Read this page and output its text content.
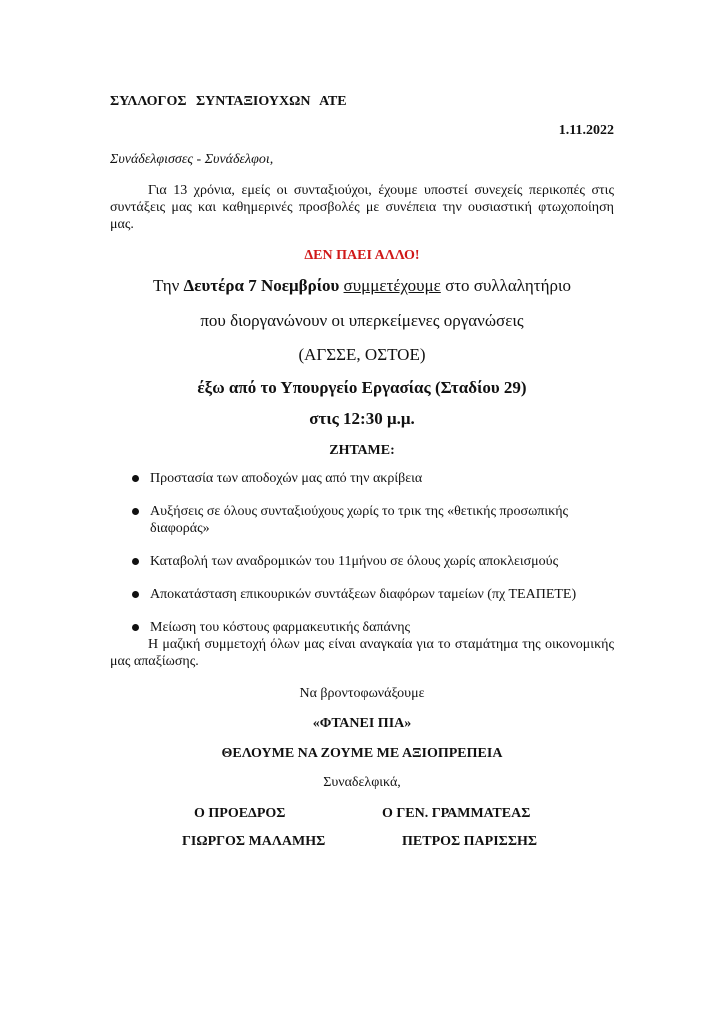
ΣΥΛΛΟΓΟΣ ΣΥΝΤΑΞΙΟΥΧΩΝ ΑΤΕ
1.11.2022
Συνάδελφισσες - Συνάδελφοι,
Για 13 χρόνια, εμείς οι συνταξιούχοι, έχουμε υποστεί συνεχείς περικοπές στις συντάξεις μας και καθημερινές προσβολές με συνέπεια την ουσιαστική φτωχοποίηση μας.
ΔΕΝ ΠΑΕΙ ΑΛΛΟ!
Την Δευτέρα 7 Νοεμβρίου συμμετέχουμε στο συλλαλητήριο
που διοργανώνουν οι υπερκείμενες οργανώσεις
(ΑΓΣΣΕ, ΟΣΤΟΕ)
έξω από το Υπουργείο Εργασίας (Σταδίου 29)
στις 12:30 μ.μ.
ΖΗΤΑΜΕ:
Προστασία των αποδοχών μας από την ακρίβεια
Αυξήσεις σε όλους συνταξιούχους χωρίς το τρικ της «θετικής προσωπικής διαφοράς»
Καταβολή των αναδρομικών του 11μήνου σε όλους χωρίς αποκλεισμούς
Αποκατάσταση επικουρικών συντάξεων διαφόρων ταμείων (πχ ΤΕΑΠΕΤΕ)
Μείωση του κόστους φαρμακευτικής δαπάνης
Η μαζική συμμετοχή όλων μας είναι αναγκαία για το σταμάτημα της οικονομικής μας απαξίωσης.
Να βροντοφωνάξουμε
«ΦΤΑΝΕΙ ΠΙΑ»
ΘΕΛΟΥΜΕ ΝΑ ΖΟΥΜΕ ΜΕ ΑΞΙΟΠΡΕΠΕΙΑ
Συναδελφικά,
Ο ΠΡΟΕΔΡΟΣ	Ο ΓΕΝ. ΓΡΑΜΜΑΤΕΑΣ
ΓΙΩΡΓΟΣ ΜΑΛΑΜΗΣ	ΠΕΤΡΟΣ ΠΑΡΙΣΣΗΣ
